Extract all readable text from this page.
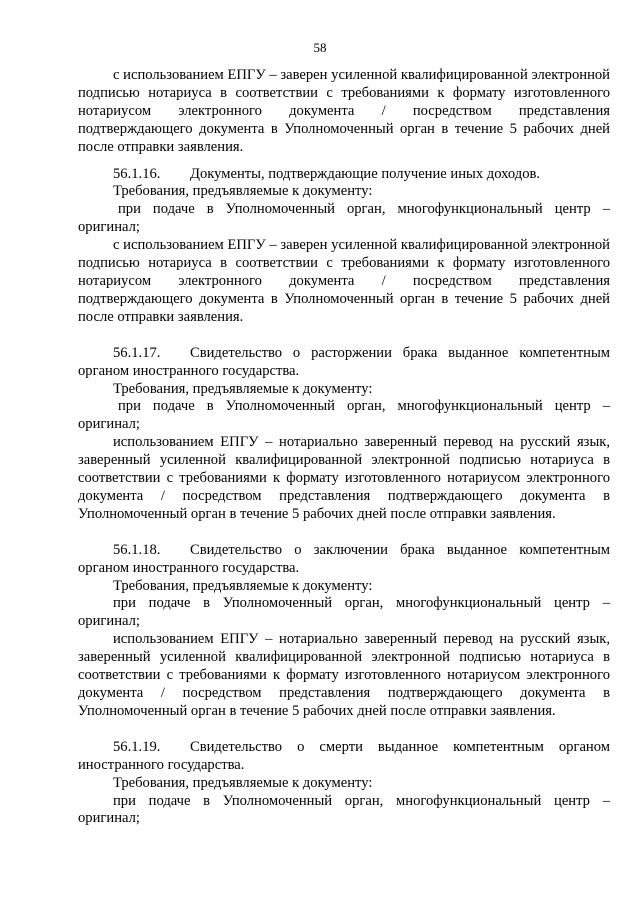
58
с использованием ЕПГУ – заверен усиленной квалифицированной электронной подписью нотариуса в соответствии с требованиями к формату изготовленного нотариусом электронного документа / посредством представления подтверждающего документа в Уполномоченный орган в течение 5 рабочих дней после отправки заявления.
56.1.16. Документы, подтверждающие получение иных доходов.
Требования, предъявляемые к документу:
при подаче в Уполномоченный орган, многофункциональный центр – оригинал;
с использованием ЕПГУ – заверен усиленной квалифицированной электронной подписью нотариуса в соответствии с требованиями к формату изготовленного нотариусом электронного документа / посредством представления подтверждающего документа в Уполномоченный орган в течение 5 рабочих дней после отправки заявления.
56.1.17. Свидетельство о расторжении брака выданное компетентным органом иностранного государства.
Требования, предъявляемые к документу:
при подаче в Уполномоченный орган, многофункциональный центр – оригинал;
использованием ЕПГУ – нотариально заверенный перевод на русский язык, заверенный усиленной квалифицированной электронной подписью нотариуса в соответствии с требованиями к формату изготовленного нотариусом электронного документа / посредством представления подтверждающего документа в Уполномоченный орган в течение 5 рабочих дней после отправки заявления.
56.1.18. Свидетельство о заключении брака выданное компетентным органом иностранного государства.
Требования, предъявляемые к документу:
при подаче в Уполномоченный орган, многофункциональный центр – оригинал;
использованием ЕПГУ – нотариально заверенный перевод на русский язык, заверенный усиленной квалифицированной электронной подписью нотариуса в соответствии с требованиями к формату изготовленного нотариусом электронного документа / посредством представления подтверждающего документа в Уполномоченный орган в течение 5 рабочих дней после отправки заявления.
56.1.19. Свидетельство о смерти выданное компетентным органом иностранного государства.
Требования, предъявляемые к документу:
при подаче в Уполномоченный орган, многофункциональный центр – оригинал;
